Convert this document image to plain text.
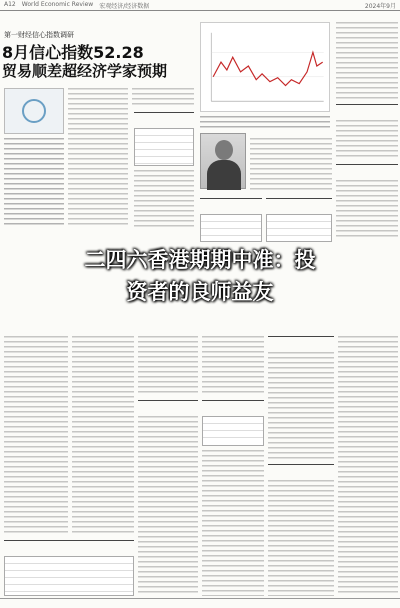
A12 World Economic Review 宏观经济/经济数据	2024年9月
第一财经信心指数调研
8月信心指数52.28
贸易顺差超经济学家预期
二四六香港期期中准：投
资者的良师益友
